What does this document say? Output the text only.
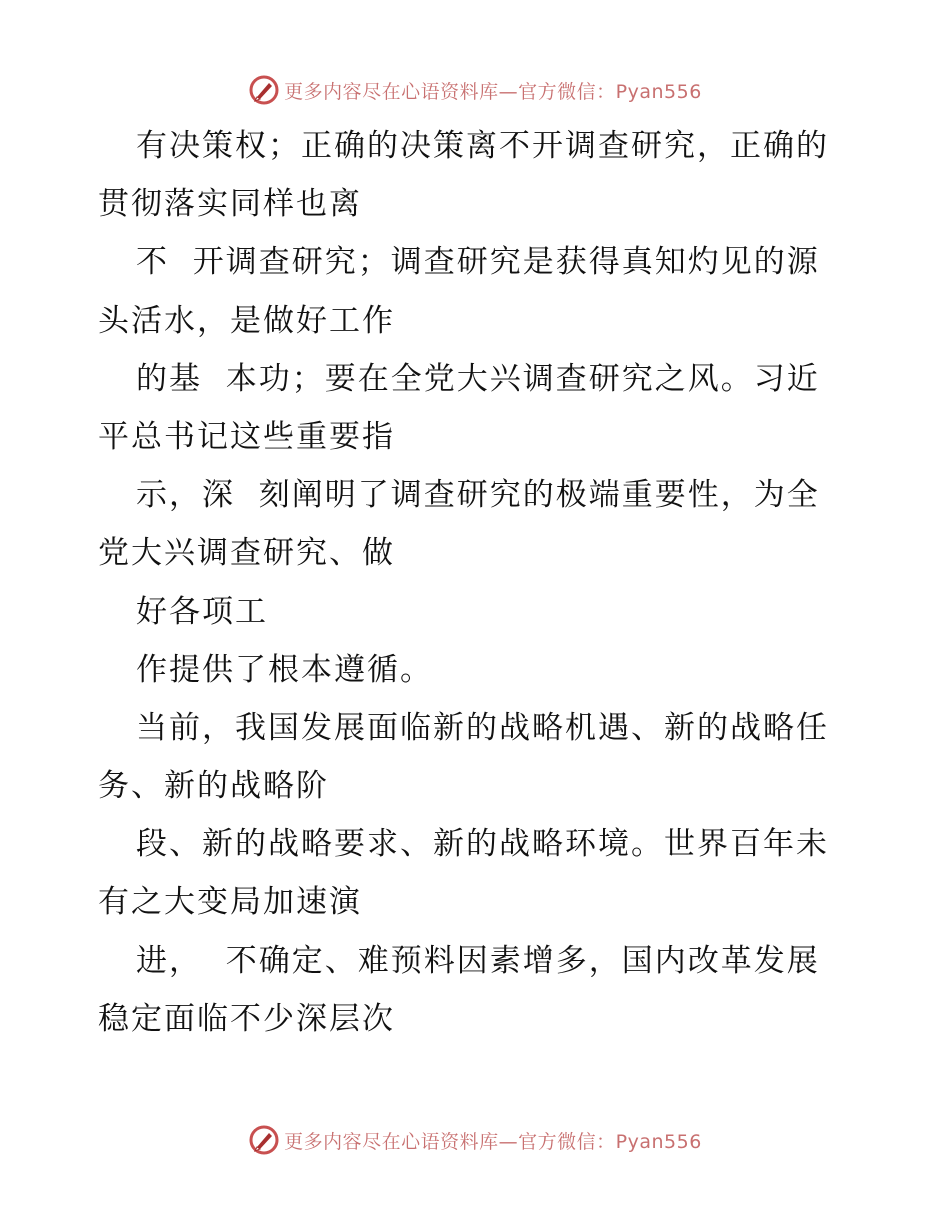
更多内容尽在心语资料库—官方微信：Pyan556
有决策权；正确的决策离不开调查研究，正确的
贯彻落实同样也离
不  开调查研究；调查研究是获得真知灼见的源
头活水，是做好工作
的基  本功；要在全党大兴调查研究之风。习近
平总书记这些重要指
示，深  刻阐明了调查研究的极端重要性，为全
党大兴调查研究、做
好各项工
作提供了根本遵循。
当前，我国发展面临新的战略机遇、新的战略任
务、新的战略阶
段、新的战略要求、新的战略环境。世界百年未
有之大变局加速演
进，  不确定、难预料因素增多，国内改革发展
稳定面临不少深层次
更多内容尽在心语资料库—官方微信：Pyan556
